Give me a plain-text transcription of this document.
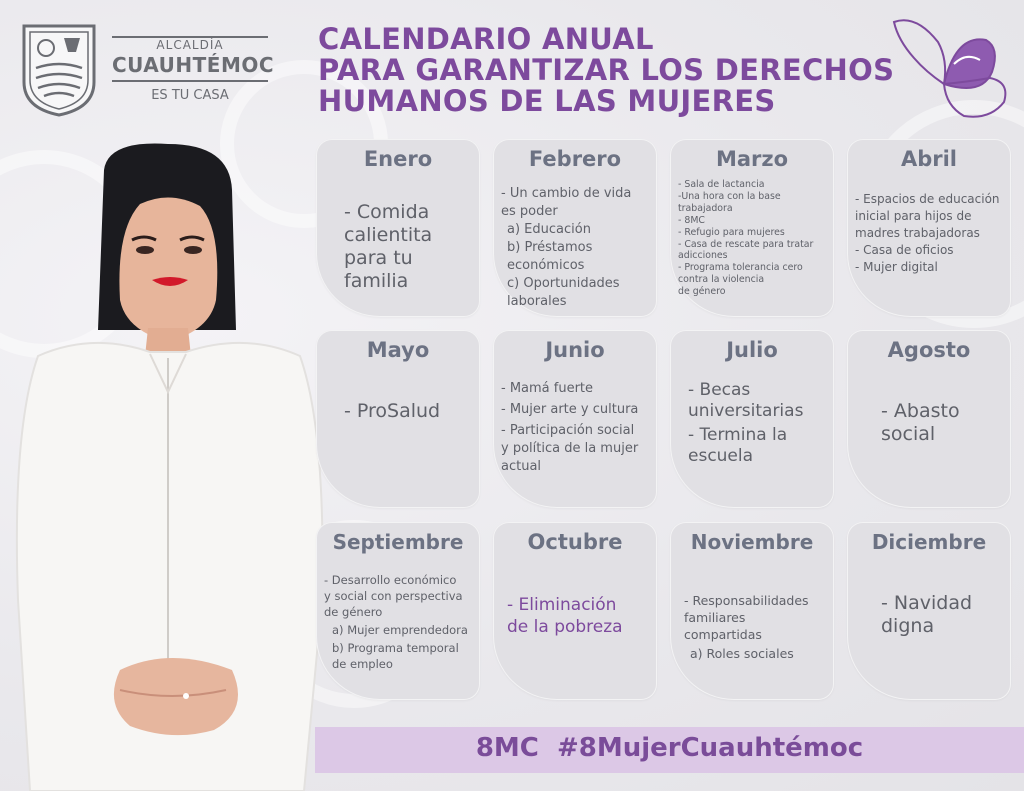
ALCALDÍA
CUAUHTÉMOC
ES TU CASA
CALENDARIO ANUAL
PARA GARANTIZAR LOS DERECHOS
HUMANOS DE LAS MUJERES
Enero

- Comida

calientita

para tu

familia

Febrero

- Un cambio de vida

es poder

a) Educación

b) Préstamos

económicos

c) Oportunidades

laborales

Marzo

- Sala de lactancia

-Una hora con la base

trabajadora

- 8MC

- Refugio para mujeres

- Casa de rescate para tratar

adicciones

- Programa tolerancia cero

contra la violencia

de género

Abril

- Espacios de educación

inicial para hijos de

madres trabajadoras

- Casa de oficios

- Mujer digital

Mayo

- ProSalud

Junio

- Mamá fuerte

- Mujer arte y cultura

- Participación social

y política de la mujer

actual

Julio

- Becas

universitarias

- Termina la

escuela

Agosto

- Abasto

social

Septiembre

- Desarrollo económico

y social con perspectiva

de género

a) Mujer emprendedora

b) Programa temporal

de empleo

Octubre

- Eliminación

de la pobreza

Noviembre

- Responsabilidades

familiares

compartidas

a) Roles sociales

Diciembre

- Navidad

digna

8MC  #8MujerCuauhtémoc
